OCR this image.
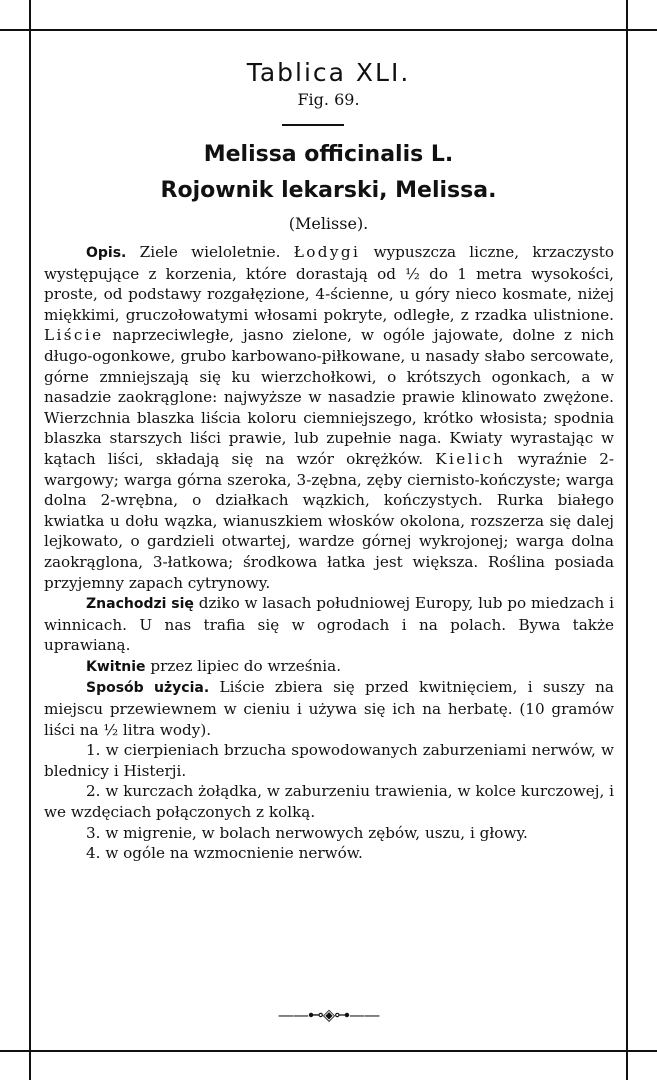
Tablica XLI.
Fig. 69.
Melissa officinalis L.
Rojownik lekarski, Melissa.
(Melisse).

Opis. Ziele wieloletnie. Łodygi wypuszcza liczne, krzaczysto występujące z korzenia, które dorastają od ½ do 1 metra wysokości, proste, od podstawy rozgałęzione, 4-ścienne, u góry nieco kosmate, niżej miękkimi, gruczołowatymi włosami pokryte, odległe, z rzadka ulistnione. Liście naprzeciwległe, jasno zielone, w ogóle jajowate, dolne z nich długo-ogonkowe, grubo karbowano-piłkowane, u nasady słabo sercowate, górne zmniejszają się ku wierzchołkowi, o krótszych ogonkach, a w nasadzie zaokrąglone: najwyższe w nasadzie prawie klinowato zwężone. Wierzchnia blaszka liścia koloru ciemniejszego, krótko włosista; spodnia blaszka starszych liści prawie, lub zupełnie naga. Kwiaty wyrastając w kątach liści, składają się na wzór okrężków. Kielich wyraźnie 2-wargowy; warga górna szeroka, 3-zębna, zęby ciernisto-kończyste; warga dolna 2-wrębna, o działkach wązkich, kończystych. Rurka białego kwiatka u dołu wązka, wianuszkiem włosków okolona, rozszerza się dalej lejkowato, o gardzieli otwartej, wardze górnej wykrojonej; warga dolna zaokrąglona, 3-łatkowa; środkowa łatka jest większa. Roślina posiada przyjemny zapach cytrynowy.

Znachodzi się dziko w lasach południowej Europy, lub po miedzach i winnicach. U nas trafia się w ogrodach i na polach. Bywa także uprawianą.

Kwitnie przez lipiec do września.

Sposób użycia. Liście zbiera się przed kwitnięciem, i suszy na miejscu przewiewnem w cieniu i używa się ich na herbatę. (10 gramów liści na ½ litra wody).

1. w cierpieniach brzucha spowodowanych zaburzeniami nerwów, w blednicy i Histerji.

2. w kurczach żołądka, w zaburzeniu trawienia, w kolce kurczowej, i we wzdęciach połączonych z kolką.

3. w migrenie, w bolach nerwowych zębów, uszu, i głowy.

4. w ogóle na wzmocnienie nerwów.

——⊷◈⊶——
